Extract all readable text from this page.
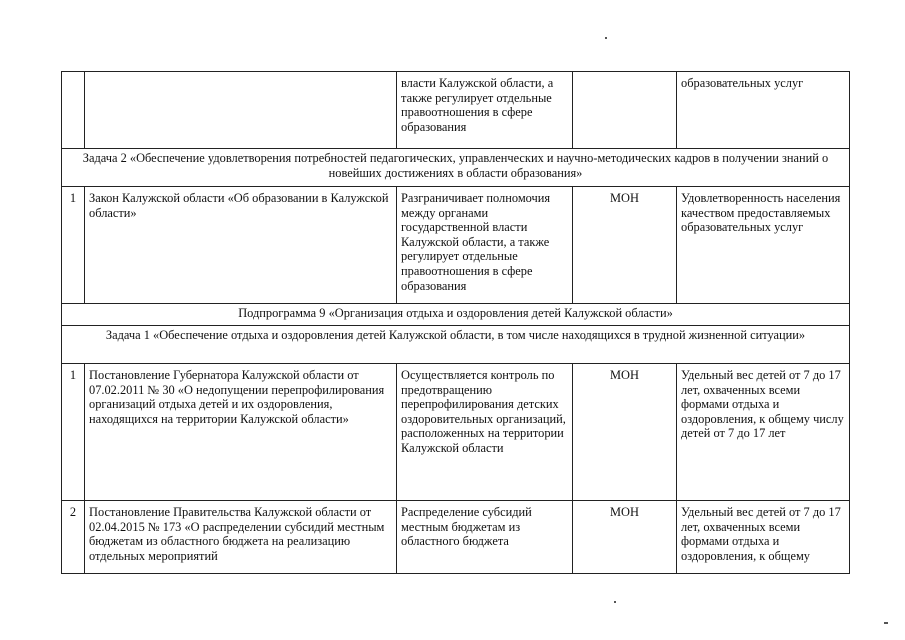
		власти Калужской области, а также регулирует отдельные правоотношения в сфере образования		образовательных услуг
Задача 2 «Обеспечение удовлетворения потребностей педагогических, управленческих и научно-методических кадров в получении знаний о новейших достижениях в области образования»				
1	Закон Калужской области «Об образовании в Калужской области»	Разграничивает полномочия между органами государственной власти Калужской области, а также регулирует отдельные правоотношения в сфере образования	МОН	Удовлетворенность населения качеством предоставляемых образовательных услуг
Подпрограмма 9 «Организация отдыха и оздоровления детей Калужской области»				
Задача 1 «Обеспечение отдыха и оздоровления детей Калужской области, в том числе находящихся в трудной жизненной ситуации»				
1	Постановление Губернатора Калужской области от 07.02.2011 № 30 «О недопущении перепрофилирования организаций отдыха детей и их оздоровления, находящихся на территории Калужской области»	Осуществляется контроль по предотвращению перепрофилирования детских оздоровительных организаций, расположенных на территории Калужской области	МОН	Удельный вес детей от 7 до 17 лет, охваченных всеми формами отдыха и оздоровления, к общему числу детей от 7 до 17 лет
2	Постановление Правительства Калужской области от 02.04.2015 № 173 «О распределении субсидий местным бюджетам из областного бюджета на реализацию отдельных мероприятий	Распределение субсидий местным бюджетам из областного бюджета	МОН	Удельный вес детей от 7 до 17 лет, охваченных всеми формами отдыха и оздоровления, к общему
